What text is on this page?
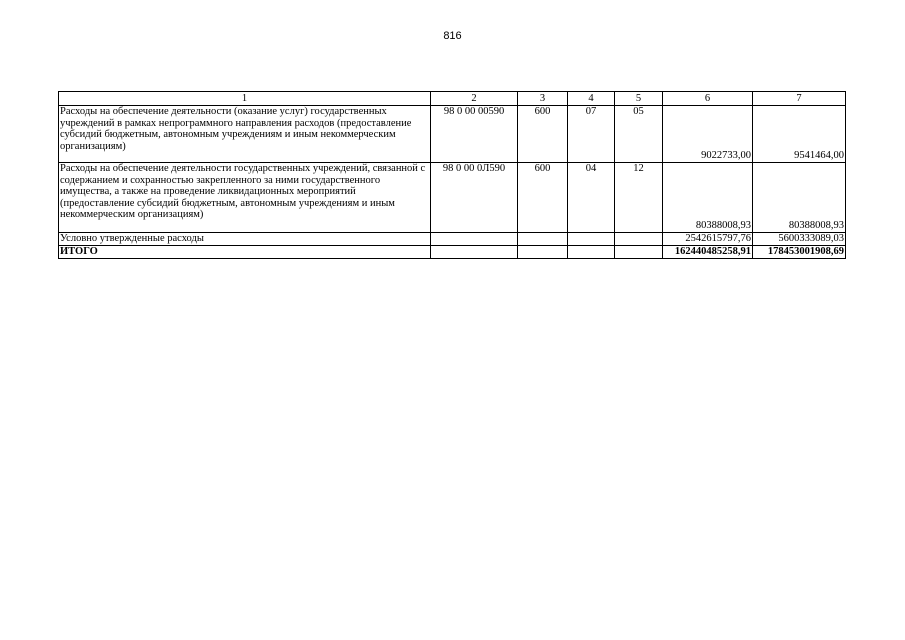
816
1	2	3	4	5	6	7
Расходы на обеспечение деятельности (оказание услуг) государственных учреждений в рамках непрограммного направления расходов (предоставление субсидий бюджетным, автономным учреждениям и иным некоммерческим организациям)	98 0 00 00590	600	07	05	9022733,00	9541464,00
Расходы на обеспечение деятельности государственных учреждений, связанной с содержанием и сохранностью закрепленного за ними государственного имущества, а также на проведение ликвидационных мероприятий (предоставление субсидий бюджетным, автономным учреждениям и иным некоммерческим организациям)	98 0 00 0Л590	600	04	12	80388008,93	80388008,93
Условно утвержденные расходы					2542615797,76	5600333089,03
ИТОГО					162440485258,91	178453001908,69
